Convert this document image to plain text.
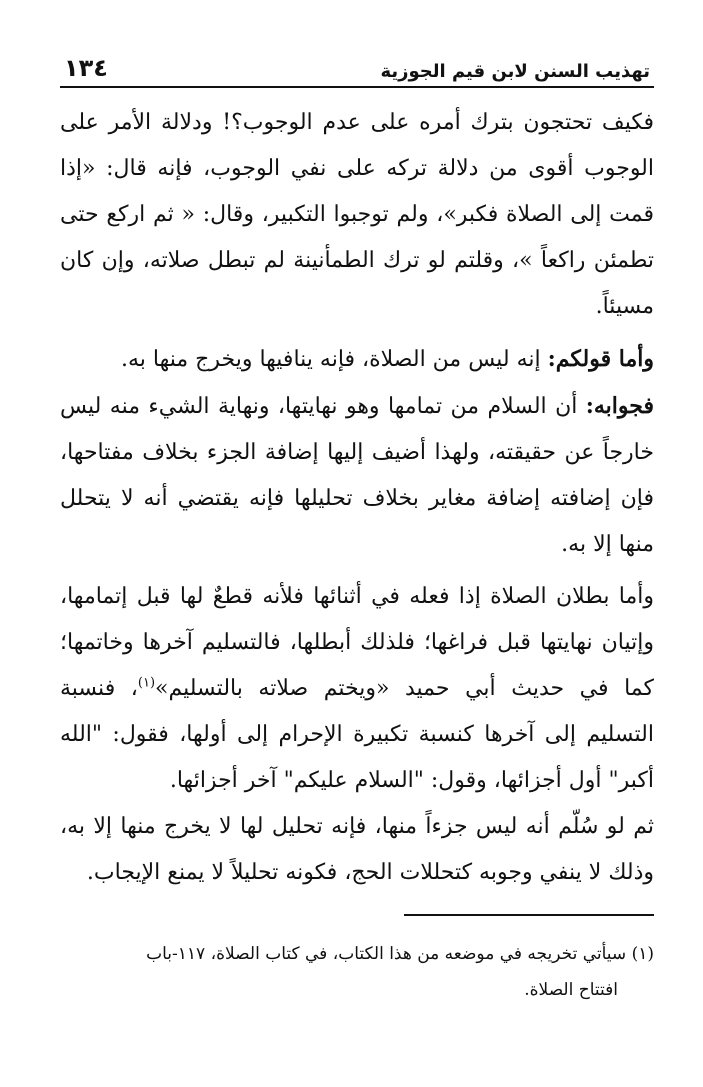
تهذيب السنن لابن قيم الجوزية
١٣٤

فكيف تحتجون بترك أمره على عدم الوجوب؟! ودلالة الأمر على الوجوب أقوى من دلالة تركه على نفي الوجوب، فإنه قال: «إذا قمت إلى الصلاة فكبر»، ولم توجبوا التكبير، وقال: « ثم اركع حتى تطمئن راكعاً »، وقلتم لو ترك الطمأنينة لم تبطل صلاته، وإن كان مسيئاً.

وأما قولكم: إنه ليس من الصلاة، فإنه ينافيها ويخرج منها به.

فجوابه: أن السلام من تمامها وهو نهايتها، ونهاية الشيء منه ليس خارجاً عن حقيقته، ولهذا أضيف إليها إضافة الجزء بخلاف مفتاحها، فإن إضافته إضافة مغاير بخلاف تحليلها فإنه يقتضي أنه لا يتحلل منها إلا به.

وأما بطلان الصلاة إذا فعله في أثنائها فلأنه قطعٌ لها قبل إتمامها، وإتيان نهايتها قبل فراغها؛ فلذلك أبطلها، فالتسليم آخرها وخاتمها؛ كما في حديث أبي حميد «ويختم صلاته بالتسليم»$^{(١)}$، فنسبة التسليم إلى آخرها كنسبة تكبيرة الإحرام إلى أولها، فقول: "الله أكبر" أول أجزائها، وقول: "السلام عليكم" آخر أجزائها.

ثم لو سُلّم أنه ليس جزءاً منها، فإنه تحليل لها لا يخرج منها إلا به، وذلك لا ينفي وجوبه كتحللات الحج، فكونه تحليلاً لا يمنع الإيجاب.

(١) سيأتي تخريجه في موضعه من هذا الكتاب، في كتاب الصلاة، ١١٧-باب

افتتاح الصلاة.
